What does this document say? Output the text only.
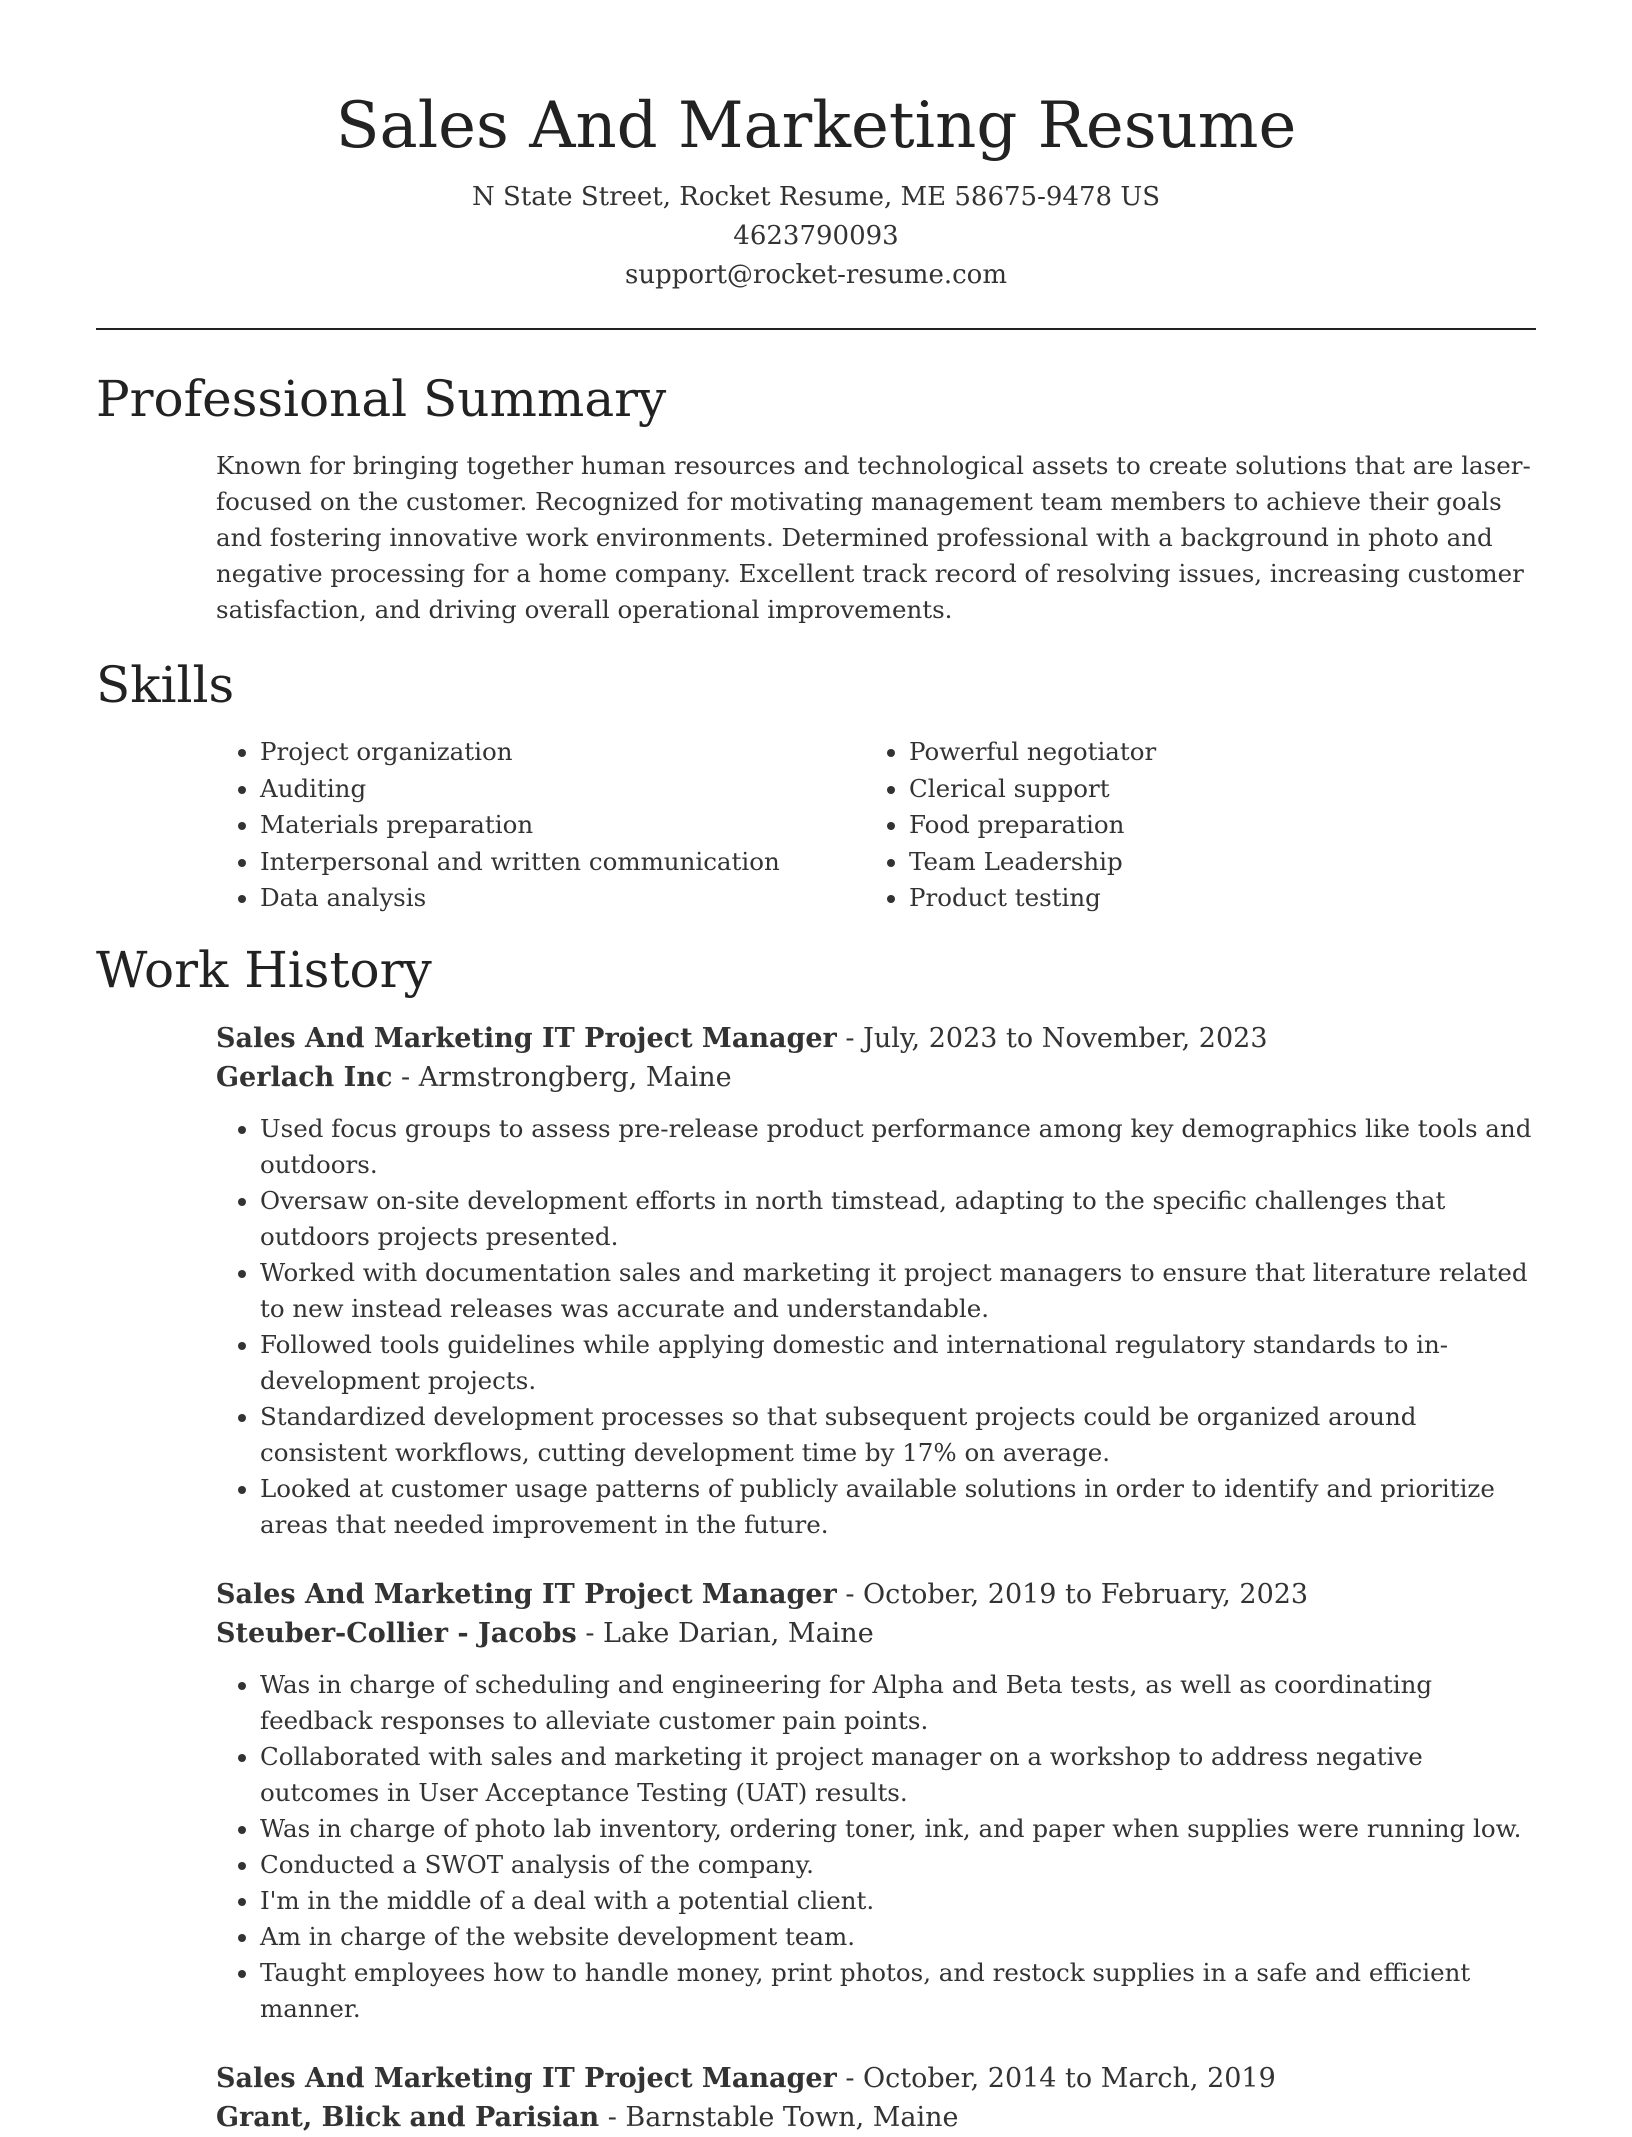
Sales And Marketing Resume
N State Street, Rocket Resume, ME 58675-9478 US
4623790093
support@rocket-resume.com
Professional Summary

Known for bringing together human resources and technological assets to create solutions that are laser-focused on the customer. Recognized for motivating management team members to achieve their goals and fostering innovative work environments. Determined professional with a background in photo and negative processing for a home company. Excellent track record of resolving issues, increasing customer satisfaction, and driving overall operational improvements.

Skills
• Project organization
• Auditing
• Materials preparation
• Interpersonal and written communication
• Data analysis
• Powerful negotiator
• Clerical support
• Food preparation
• Team Leadership
• Product testing
Work History
Sales And Marketing IT Project Manager - July, 2023 to November, 2023
Gerlach Inc - Armstrongberg, Maine
• Used focus groups to assess pre-release product performance among key demographics like tools and outdoors.
• Oversaw on-site development efforts in north timstead, adapting to the specific challenges that outdoors projects presented.
• Worked with documentation sales and marketing it project managers to ensure that literature related to new instead releases was accurate and understandable.
• Followed tools guidelines while applying domestic and international regulatory standards to in-development projects.
• Standardized development processes so that subsequent projects could be organized around consistent workflows, cutting development time by 17% on average.
• Looked at customer usage patterns of publicly available solutions in order to identify and prioritize areas that needed improvement in the future.
Sales And Marketing IT Project Manager - October, 2019 to February, 2023
Steuber-Collier - Jacobs - Lake Darian, Maine
• Was in charge of scheduling and engineering for Alpha and Beta tests, as well as coordinating feedback responses to alleviate customer pain points.
• Collaborated with sales and marketing it project manager on a workshop to address negative outcomes in User Acceptance Testing (UAT) results.
• Was in charge of photo lab inventory, ordering toner, ink, and paper when supplies were running low.
• Conducted a SWOT analysis of the company.
• I'm in the middle of a deal with a potential client.
• Am in charge of the website development team.
• Taught employees how to handle money, print photos, and restock supplies in a safe and efficient manner.
Sales And Marketing IT Project Manager - October, 2014 to March, 2019
Grant, Blick and Parisian - Barnstable Town, Maine
